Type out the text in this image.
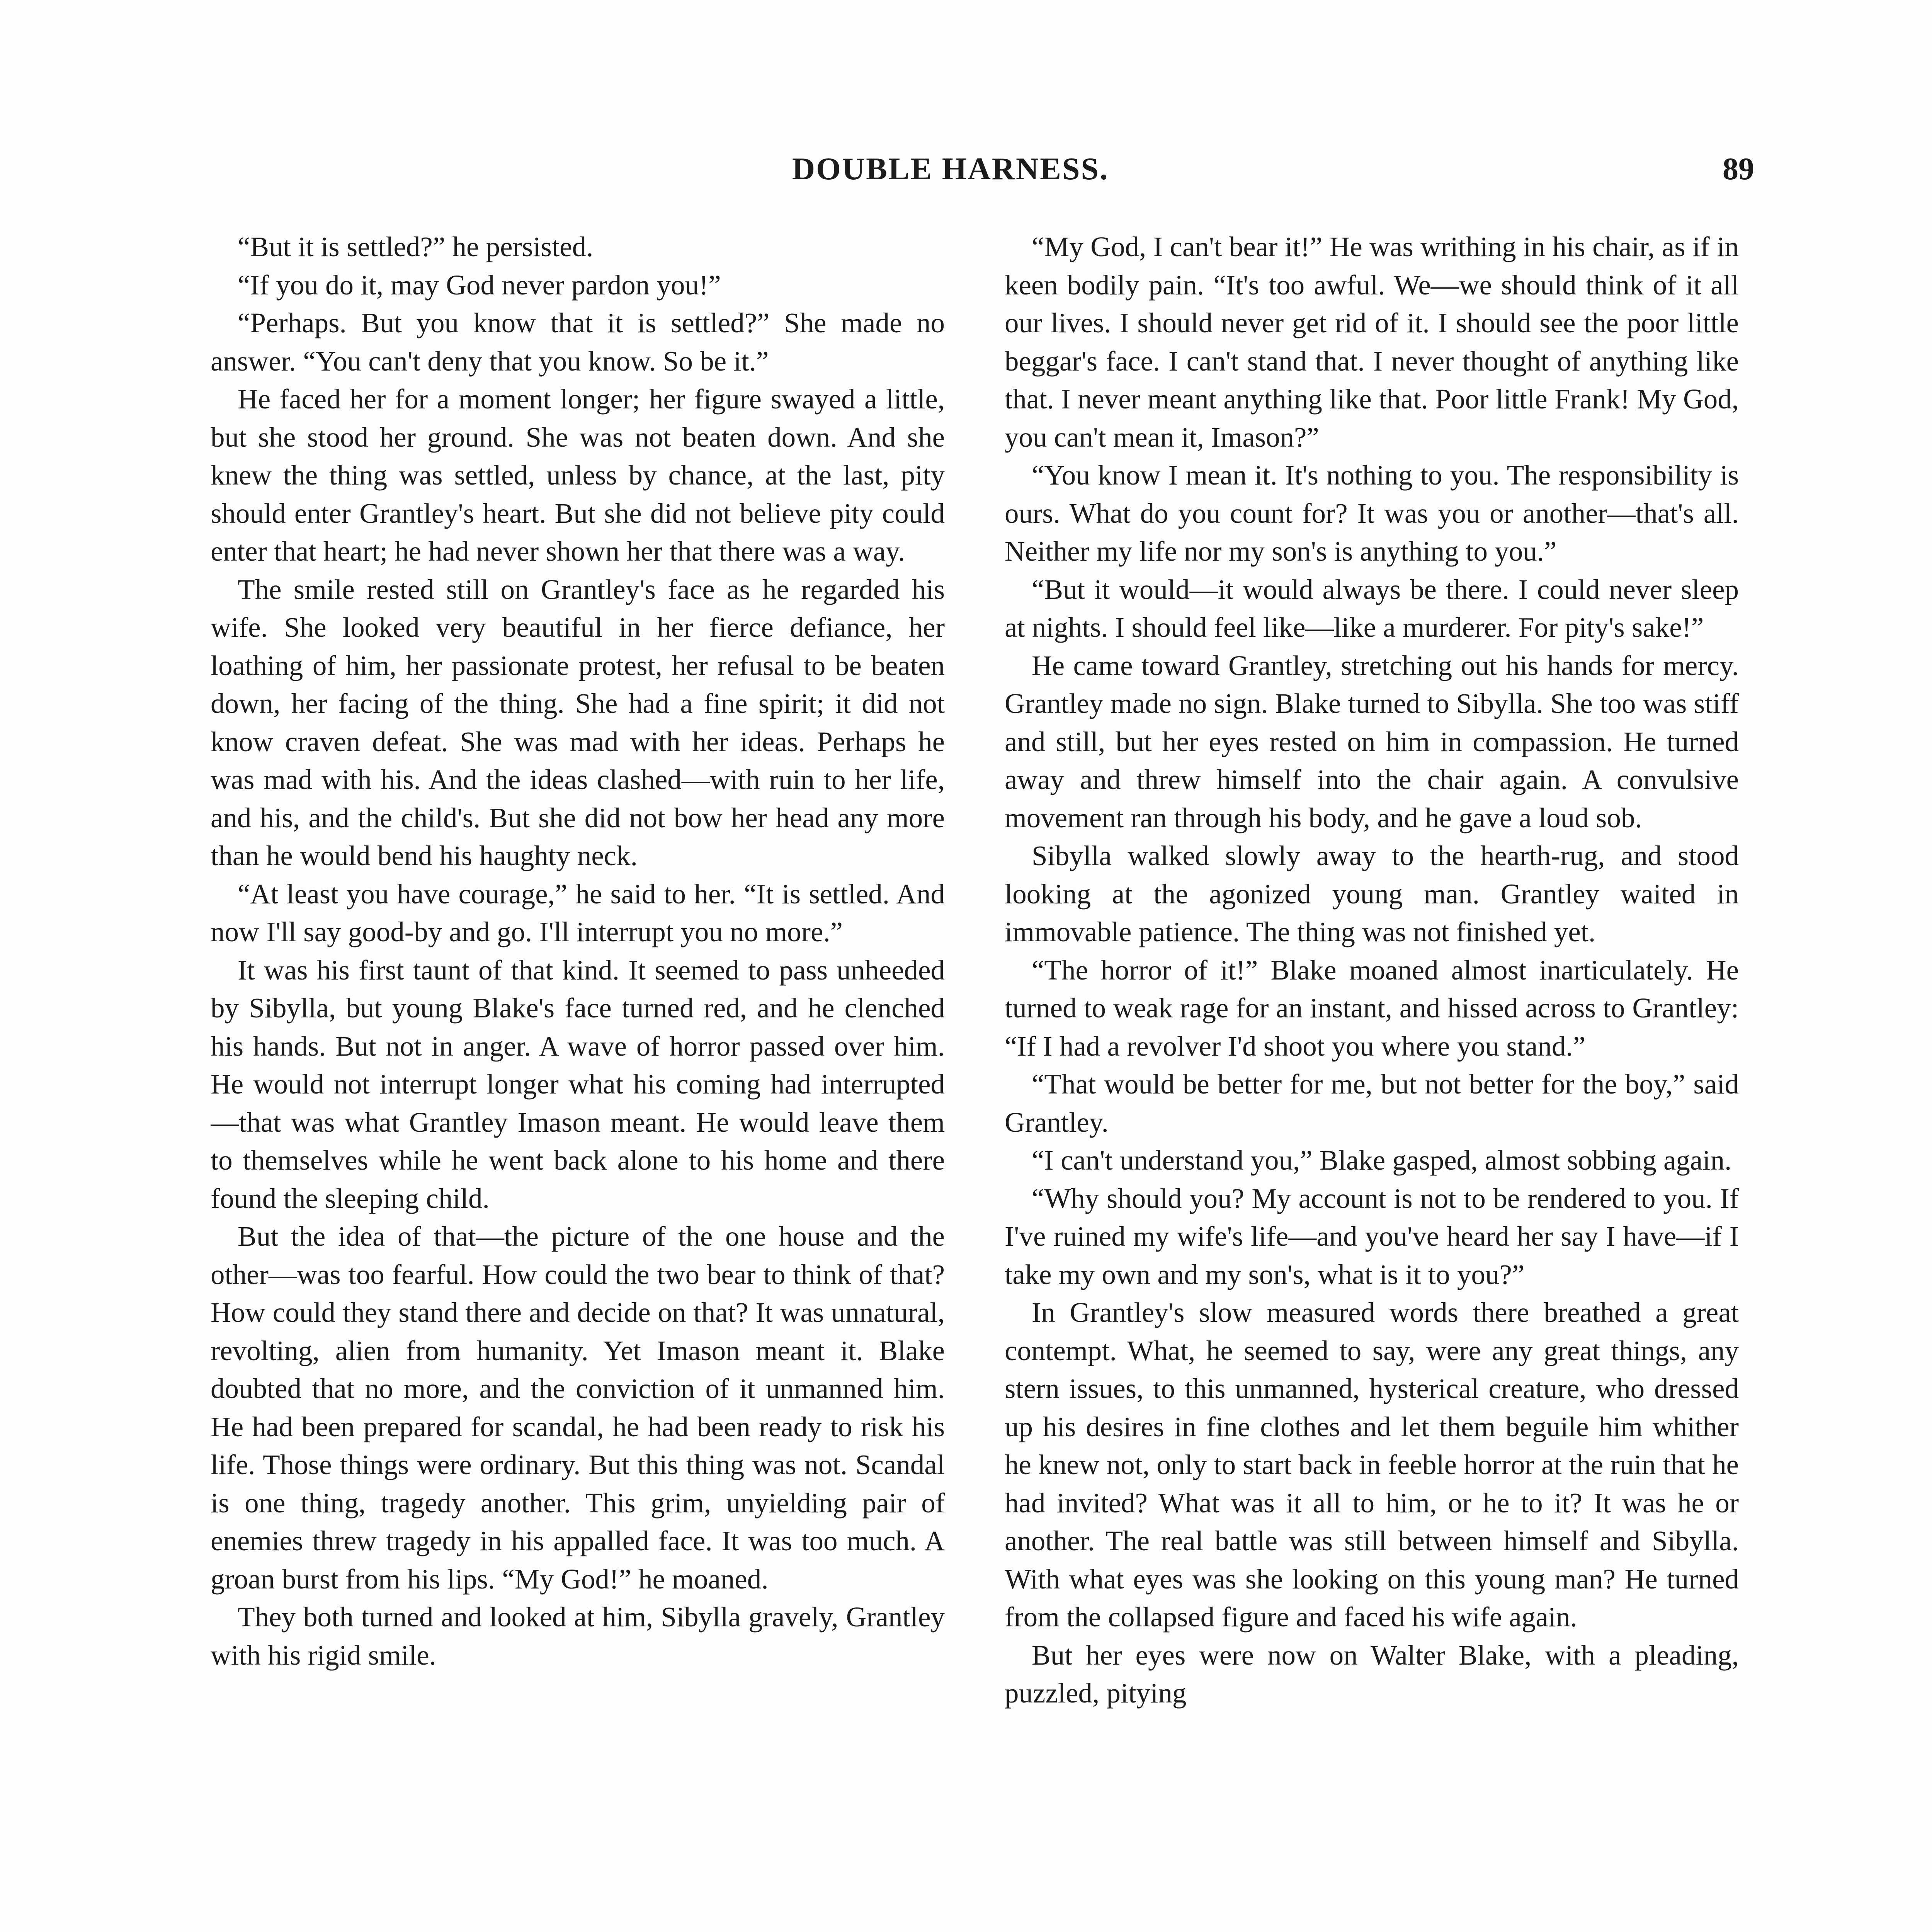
DOUBLE HARNESS.	89

“But it is settled?” he persisted.

“If you do it, may God never pardon you!”

“Perhaps. But you know that it is settled?” She made no answer. “You can't deny that you know. So be it.”

He faced her for a moment longer; her figure swayed a little, but she stood her ground. She was not beaten down. And she knew the thing was settled, unless by chance, at the last, pity should enter Grantley's heart. But she did not believe pity could enter that heart; he had never shown her that there was a way.

The smile rested still on Grantley's face as he regarded his wife. She looked very beautiful in her fierce defiance, her loathing of him, her passionate protest, her refusal to be beaten down, her facing of the thing. She had a fine spirit; it did not know craven defeat. She was mad with her ideas. Perhaps he was mad with his. And the ideas clashed—with ruin to her life, and his, and the child's. But she did not bow her head any more than he would bend his haughty neck.

“At least you have courage,” he said to her. “It is settled. And now I'll say good-by and go. I'll interrupt you no more.”

It was his first taunt of that kind. It seemed to pass unheeded by Sibylla, but young Blake's face turned red, and he clenched his hands. But not in anger. A wave of horror passed over him. He would not interrupt longer what his coming had interrupted—that was what Grantley Imason meant. He would leave them to themselves while he went back alone to his home and there found the sleeping child.

But the idea of that—the picture of the one house and the other—was too fearful. How could the two bear to think of that? How could they stand there and decide on that? It was unnatural, revolting, alien from humanity. Yet Imason meant it. Blake doubted that no more, and the conviction of it unmanned him. He had been prepared for scandal, he had been ready to risk his life. Those things were ordinary. But this thing was not. Scandal is one thing, tragedy another. This grim, unyielding pair of enemies threw tragedy in his appalled face. It was too much. A groan burst from his lips. “My God!” he moaned.

They both turned and looked at him, Sibylla gravely, Grantley with his rigid smile.

“My God, I can't bear it!” He was writhing in his chair, as if in keen bodily pain. “It's too awful. We—we should think of it all our lives. I should never get rid of it. I should see the poor little beggar's face. I can't stand that. I never thought of anything like that. I never meant anything like that. Poor little Frank! My God, you can't mean it, Imason?”

“You know I mean it. It's nothing to you. The responsibility is ours. What do you count for? It was you or another—that's all. Neither my life nor my son's is anything to you.”

“But it would—it would always be there. I could never sleep at nights. I should feel like—like a murderer. For pity's sake!”

He came toward Grantley, stretching out his hands for mercy. Grantley made no sign. Blake turned to Sibylla. She too was stiff and still, but her eyes rested on him in compassion. He turned away and threw himself into the chair again. A convulsive movement ran through his body, and he gave a loud sob.

Sibylla walked slowly away to the hearth-rug, and stood looking at the agonized young man. Grantley waited in immovable patience. The thing was not finished yet.

“The horror of it!” Blake moaned almost inarticulately. He turned to weak rage for an instant, and hissed across to Grantley: “If I had a revolver I'd shoot you where you stand.”

“That would be better for me, but not better for the boy,” said Grantley.

“I can't understand you,” Blake gasped, almost sobbing again.

“Why should you? My account is not to be rendered to you. If I've ruined my wife's life—and you've heard her say I have—if I take my own and my son's, what is it to you?”

In Grantley's slow measured words there breathed a great contempt. What, he seemed to say, were any great things, any stern issues, to this unmanned, hysterical creature, who dressed up his desires in fine clothes and let them beguile him whither he knew not, only to start back in feeble horror at the ruin that he had invited? What was it all to him, or he to it? It was he or another. The real battle was still between himself and Sibylla. With what eyes was she looking on this young man? He turned from the collapsed figure and faced his wife again.

But her eyes were now on Walter Blake, with a pleading, puzzled, pitying
